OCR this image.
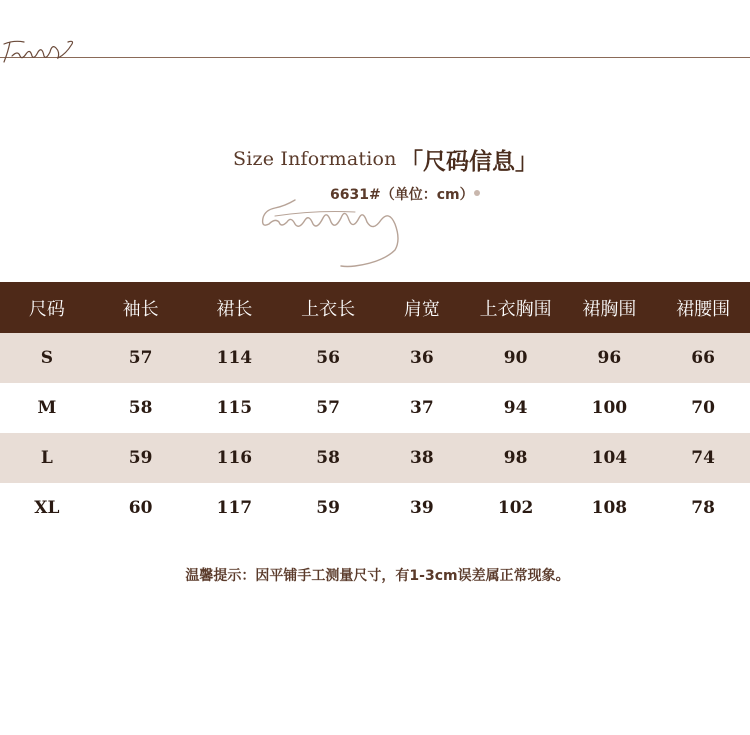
Size Information 「尺码信息」
6631#（单位：cm）
尺码	袖长	裙长	上衣长	肩宽	上衣胸围	裙胸围	裙腰围
S	57	114	56	36	90	96	66
M	58	115	57	37	94	100	70
L	59	116	58	38	98	104	74
XL	60	117	59	39	102	108	78
温馨提示：因平铺手工测量尺寸，有1-3cm误差属正常现象。
